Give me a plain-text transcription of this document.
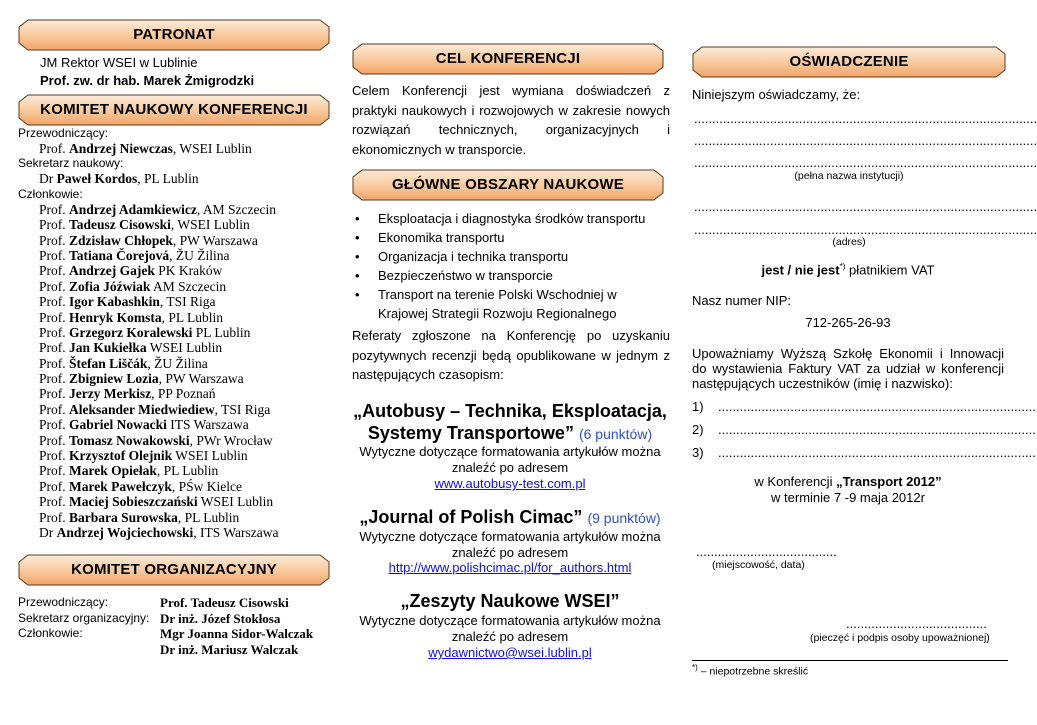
PATRONAT
JM Rektor WSEI w Lublinie
Prof. zw. dr hab. Marek Żmigrodzki
KOMITET NAUKOWY KONFERENCJI
Przewodniczący:
Prof. Andrzej Niewczas, WSEI Lublin
Sekretarz naukowy:
Dr Paweł Kordos, PL Lublin
Członkowie:
Prof. Andrzej Adamkiewicz, AM Szczecin
Prof. Tadeusz Cisowski, WSEI Lublin
Prof. Zdzisław Chłopek, PW Warszawa
Prof. Tatiana Čorejová, ŽU Žilina
Prof. Andrzej Gajek PK Kraków
Prof. Zofia Jóźwiak AM Szczecin
Prof. Igor Kabashkin, TSI Riga
Prof. Henryk Komsta, PL Lublin
Prof. Grzegorz Koralewski PL Lublin
Prof. Jan Kukiełka WSEI Lublin
Prof. Štefan Liščák, ŽU Žilina
Prof. Zbigniew Lozia, PW Warszawa
Prof. Jerzy Merkisz, PP Poznań
Prof. Aleksander Miedwiediew, TSI Riga
Prof. Gabriel Nowacki ITS Warszawa
Prof. Tomasz Nowakowski, PWr Wrocław
Prof. Krzysztof Olejnik WSEI Lublin
Prof. Marek Opiełak, PL Lublin
Prof. Marek Pawełczyk, PŚw Kielce
Prof. Maciej Sobieszczański WSEI Lublin
Prof. Barbara Surowska, PL Lublin
Dr Andrzej Wojciechowski, ITS Warszawa
KOMITET ORGANIZACYJNY
Przewodniczący:	Prof. Tadeusz Cisowski
Sekretarz organizacyjny: Dr inż. Józef Stokłosa
Członkowie:	Mgr Joanna Sidor-Walczak
Dr inż. Mariusz Walczak
CEL KONFERENCJI
Celem Konferencji jest wymiana doświadczeń z praktyki naukowych i rozwojowych w zakresie nowych rozwiązań technicznych, organizacyjnych i ekonomicznych w transporcie.
GŁÓWNE OBSZARY NAUKOWE
• Eksploatacja i diagnostyka środków transportu
• Ekonomika transportu
• Organizacja i technika transportu
• Bezpieczeństwo w transporcie
• Transport na terenie Polski Wschodniej w Krajowej Strategii Rozwoju Regionalnego
Referaty zgłoszone na Konferencję po uzyskaniu pozytywnych recenzji będą opublikowane w jednym z następujących czasopism:
„Autobusy – Technika, Eksploatacja, Systemy Transportowe” (6 punktów)
Wytyczne dotyczące formatowania artykułów można znaleźć po adresem
www.autobusy-test.com.pl
„Journal of Polish Cimac” (9 punktów)
Wytyczne dotyczące formatowania artykułów można znaleźć po adresem
http://www.polishcimac.pl/for_authors.html
„Zeszyty Naukowe WSEI”
Wytyczne dotyczące formatowania artykułów można znaleźć po adresem
wydawnictwo@wsei.lublin.pl
OŚWIADCZENIE
Niniejszym oświadczamy, że:
...............................................................................................
...............................................................................................
...............................................................................................
(pełna nazwa instytucji)
...............................................................................................
...............................................................................................
(adres)
jest / nie jest*) płatnikiem VAT
Nasz numer NIP:
712-265-26-93
Upoważniamy Wyższą Szkołę Ekonomii i Innowacji do wystawienia Faktury VAT za udział w konferencji następujących uczestników (imię i nazwisko):
1) ........................................................................................
2) ........................................................................................
3) ........................................................................................
w Konferencji „Transport 2012”
w terminie 7 -9 maja 2012r
.......................................
(miejscowość, data)
.......................................
(pieczęć i podpis osoby upoważnionej)
*) – niepotrzebne skreślić
